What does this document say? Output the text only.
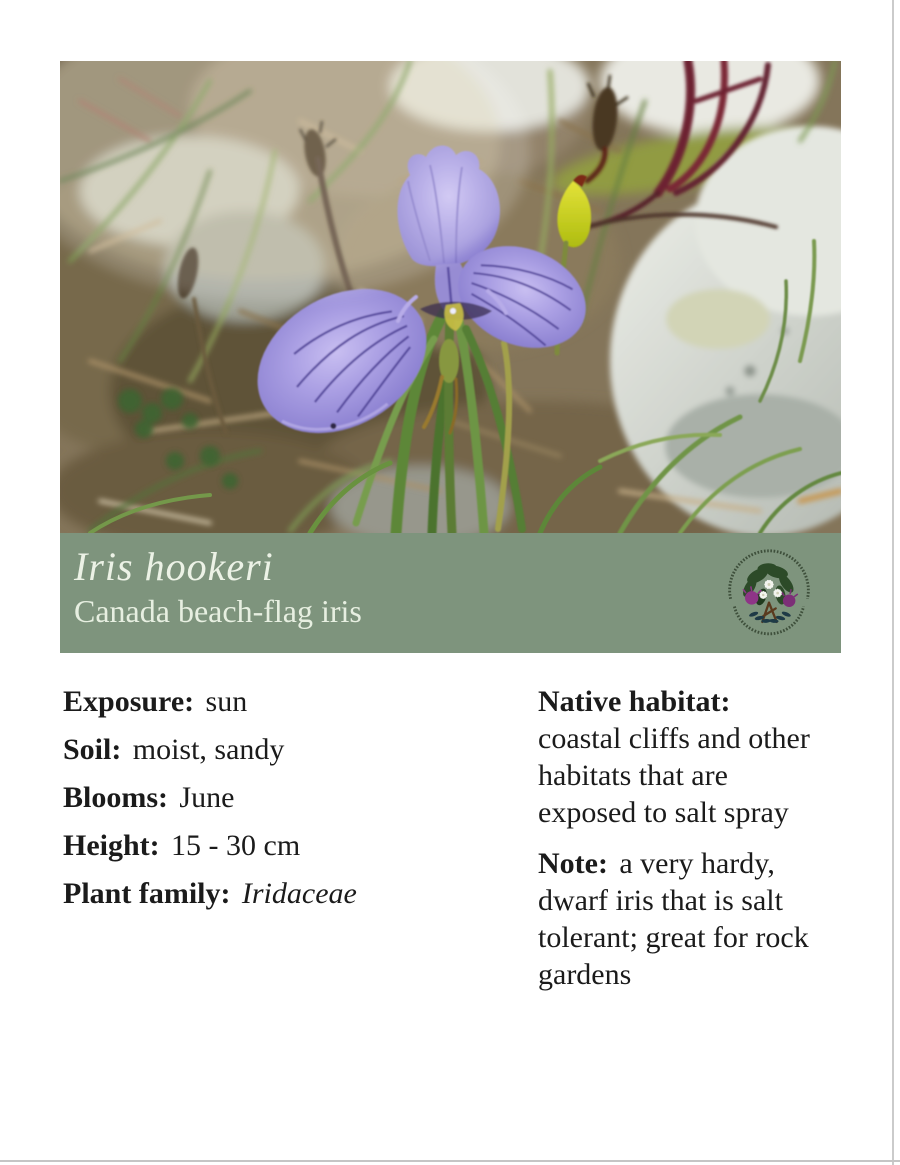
Iris hookeri
Canada beach-flag iris

Exposure: sun

Soil: moist, sandy

Blooms: June

Height: 15 - 30 cm

Plant family: Iridaceae

Native habitat:
coastal cliffs and other habitats that are exposed to salt spray

Note: a very hardy, dwarf iris that is salt tolerant; great for rock gardens
